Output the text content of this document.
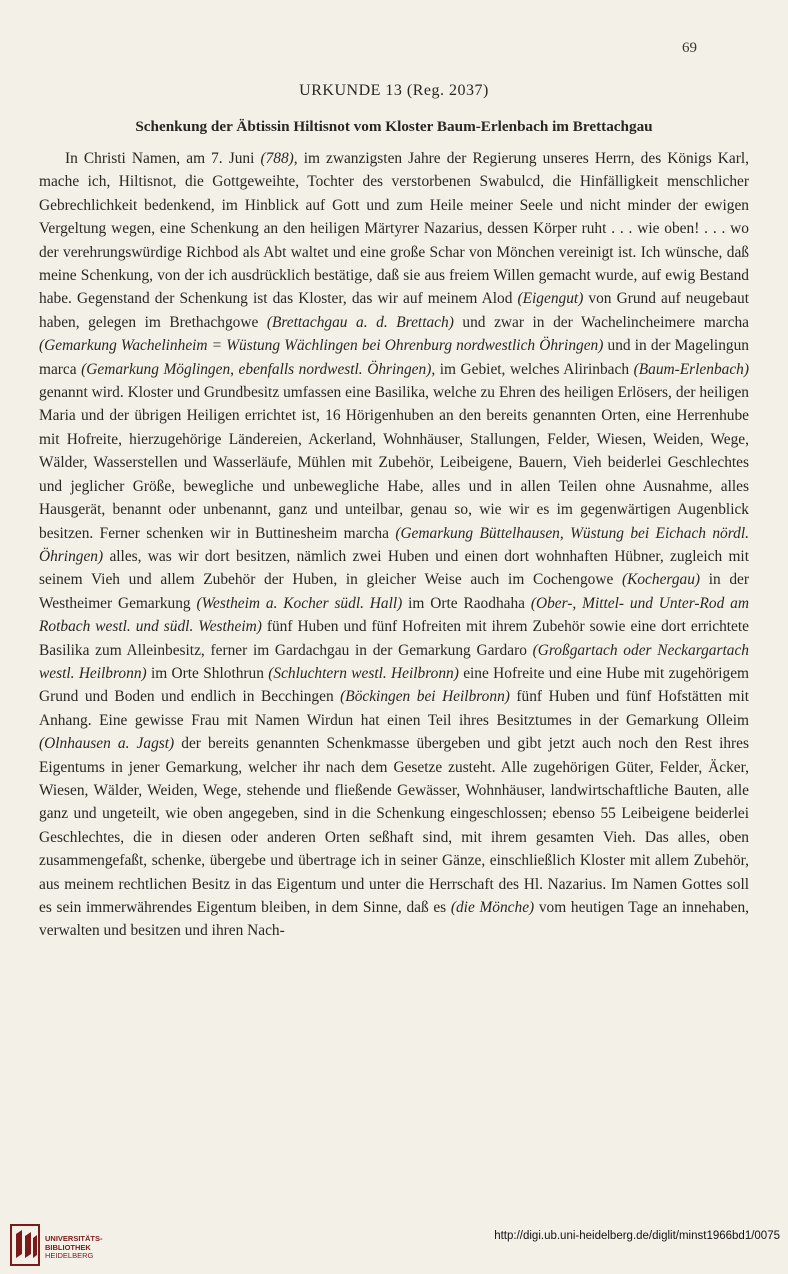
69
URKUNDE 13 (Reg. 2037)
Schenkung der Äbtissin Hiltisnot vom Kloster Baum-Erlenbach im Brettachgau

In Christi Namen, am 7. Juni (788), im zwanzigsten Jahre der Regierung unseres Herrn, des Königs Karl, mache ich, Hiltisnot, die Gottgeweihte, Tochter des verstorbenen Swabulcd, die Hinfälligkeit menschlicher Gebrechlichkeit bedenkend, im Hinblick auf Gott und zum Heile meiner Seele und nicht minder der ewigen Vergeltung wegen, eine Schenkung an den heiligen Märtyrer Nazarius, dessen Körper ruht . . . wie oben! . . . wo der verehrungswürdige Richbod als Abt waltet und eine große Schar von Mönchen vereinigt ist. Ich wünsche, daß meine Schenkung, von der ich ausdrücklich bestätige, daß sie aus freiem Willen gemacht wurde, auf ewig Bestand habe. Gegenstand der Schenkung ist das Kloster, das wir auf meinem Alod (Eigengut) von Grund auf neugebaut haben, gelegen im Brethachgowe (Brettachgau a. d. Brettach) und zwar in der Wachelincheimere marcha (Gemarkung Wachelinheim = Wüstung Wächlingen bei Ohrenburg nordwestlich Öhringen) und in der Magelingun marca (Gemarkung Möglingen, ebenfalls nordwestl. Öhringen), im Gebiet, welches Alirinbach (Baum-Erlenbach) genannt wird. Kloster und Grundbesitz umfassen eine Basilika, welche zu Ehren des heiligen Erlösers, der heiligen Maria und der übrigen Heiligen errichtet ist, 16 Hörigenhuben an den bereits genannten Orten, eine Herrenhube mit Hofreite, hierzugehörige Ländereien, Ackerland, Wohnhäuser, Stallungen, Felder, Wiesen, Weiden, Wege, Wälder, Wasserstellen und Wasserläufe, Mühlen mit Zubehör, Leibeigene, Bauern, Vieh beiderlei Geschlechtes und jeglicher Größe, bewegliche und unbewegliche Habe, alles und in allen Teilen ohne Ausnahme, alles Hausgerät, benannt oder unbenannt, ganz und unteilbar, genau so, wie wir es im gegenwärtigen Augenblick besitzen. Ferner schenken wir in Buttinesheim marcha (Gemarkung Büttelhausen, Wüstung bei Eichach nördl. Öhringen) alles, was wir dort besitzen, nämlich zwei Huben und einen dort wohnhaften Hübner, zugleich mit seinem Vieh und allem Zubehör der Huben, in gleicher Weise auch im Cochengowe (Kochergau) in der Westheimer Gemarkung (Westheim a. Kocher südl. Hall) im Orte Raodhaha (Ober-, Mittel- und Unter-Rod am Rotbach westl. und südl. Westheim) fünf Huben und fünf Hofreiten mit ihrem Zubehör sowie eine dort errichtete Basilika zum Alleinbesitz, ferner im Gardachgau in der Gemarkung Gardaro (Großgartach oder Neckargartach westl. Heilbronn) im Orte Shlothrun (Schluchtern westl. Heilbronn) eine Hofreite und eine Hube mit zugehörigem Grund und Boden und endlich in Becchingen (Böckingen bei Heilbronn) fünf Huben und fünf Hofstätten mit Anhang. Eine gewisse Frau mit Namen Wirdun hat einen Teil ihres Besitztumes in der Gemarkung Olleim (Olnhausen a. Jagst) der bereits genannten Schenkmasse übergeben und gibt jetzt auch noch den Rest ihres Eigentums in jener Gemarkung, welcher ihr nach dem Gesetze zusteht. Alle zugehörigen Güter, Felder, Äcker, Wiesen, Wälder, Weiden, Wege, stehende und fließende Gewässer, Wohnhäuser, landwirtschaftliche Bauten, alle ganz und ungeteilt, wie oben angegeben, sind in die Schenkung eingeschlossen; ebenso 55 Leibeigene beiderlei Geschlechtes, die in diesen oder anderen Orten seßhaft sind, mit ihrem gesamten Vieh. Das alles, oben zusammengefaßt, schenke, übergebe und übertrage ich in seiner Gänze, einschließlich Kloster mit allem Zubehör, aus meinem rechtlichen Besitz in das Eigentum und unter die Herrschaft des Hl. Nazarius. Im Namen Gottes soll es sein immerwährendes Eigentum bleiben, in dem Sinne, daß es (die Mönche) vom heutigen Tage an innehaben, verwalten und besitzen und ihren Nach-

UNIVERSITÄTS-
BIBLIOTHEK
HEIDELBERG
http://digi.ub.uni-heidelberg.de/diglit/minst1966bd1/0075
